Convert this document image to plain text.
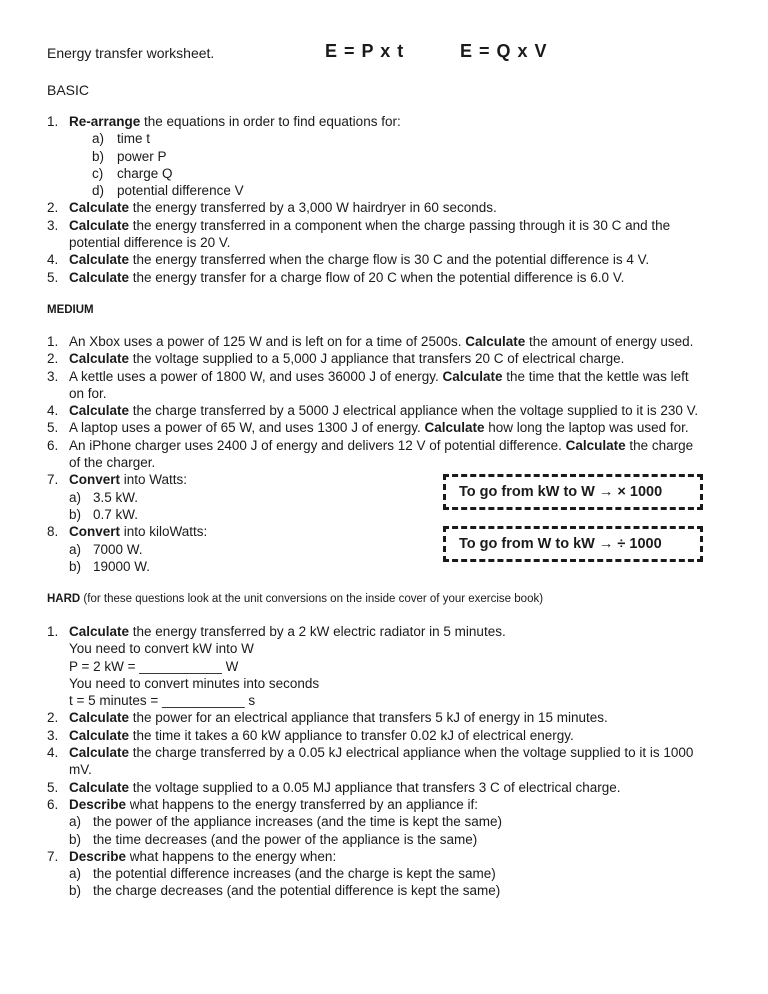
Energy transfer worksheet.	E = P x t	E = Q x V
BASIC
1. Re-arrange the equations in order to find equations for:
a) time t
b) power P
c) charge Q
d) potential difference V
2. Calculate the energy transferred by a 3,000 W hairdryer in 60 seconds.
3. Calculate the energy transferred in a component when the charge passing through it is 30 C and the
potential difference is 20 V.
4. Calculate the energy transferred when the charge flow is 30 C and the potential difference is 4 V.
5. Calculate the energy transfer for a charge flow of 20 C when the potential difference is 6.0 V.
MEDIUM
1. An Xbox uses a power of 125 W and is left on for a time of 2500s. Calculate the amount of energy used.
2. Calculate the voltage supplied to a 5,000 J appliance that transfers 20 C of electrical charge.
3. A kettle uses a power of 1800 W, and uses 36000 J of energy. Calculate the time that the kettle was left
on for.
4. Calculate the charge transferred by a 5000 J electrical appliance when the voltage supplied to it is 230 V.
5. A laptop uses a power of 65 W, and uses 1300 J of energy. Calculate how long the laptop was used for.
6. An iPhone charger uses 2400 J of energy and delivers 12 V of potential difference. Calculate the charge
of the charger.
7. Convert into Watts:
a) 3.5 kW.
b) 0.7 kW.
8. Convert into kiloWatts:
a) 7000 W.
b) 19000 W.
To go from kW to W → × 1000
To go from W to kW → ÷ 1000
HARD (for these questions look at the unit conversions on the inside cover of your exercise book)
1. Calculate the energy transferred by a 2 kW electric radiator in 5 minutes.
You need to convert kW into W
P = 2 kW = ___________ W
You need to convert minutes into seconds
t = 5 minutes = ___________ s
2. Calculate the power for an electrical appliance that transfers 5 kJ of energy in 15 minutes.
3. Calculate the time it takes a 60 kW appliance to transfer 0.02 kJ of electrical energy.
4. Calculate the charge transferred by a 0.05 kJ electrical appliance when the voltage supplied to it is 1000
mV.
5. Calculate the voltage supplied to a 0.05 MJ appliance that transfers 3 C of electrical charge.
6. Describe what happens to the energy transferred by an appliance if:
a) the power of the appliance increases (and the time is kept the same)
b) the time decreases (and the power of the appliance is the same)
7. Describe what happens to the energy when:
a) the potential difference increases (and the charge is kept the same)
b) the charge decreases (and the potential difference is kept the same)
